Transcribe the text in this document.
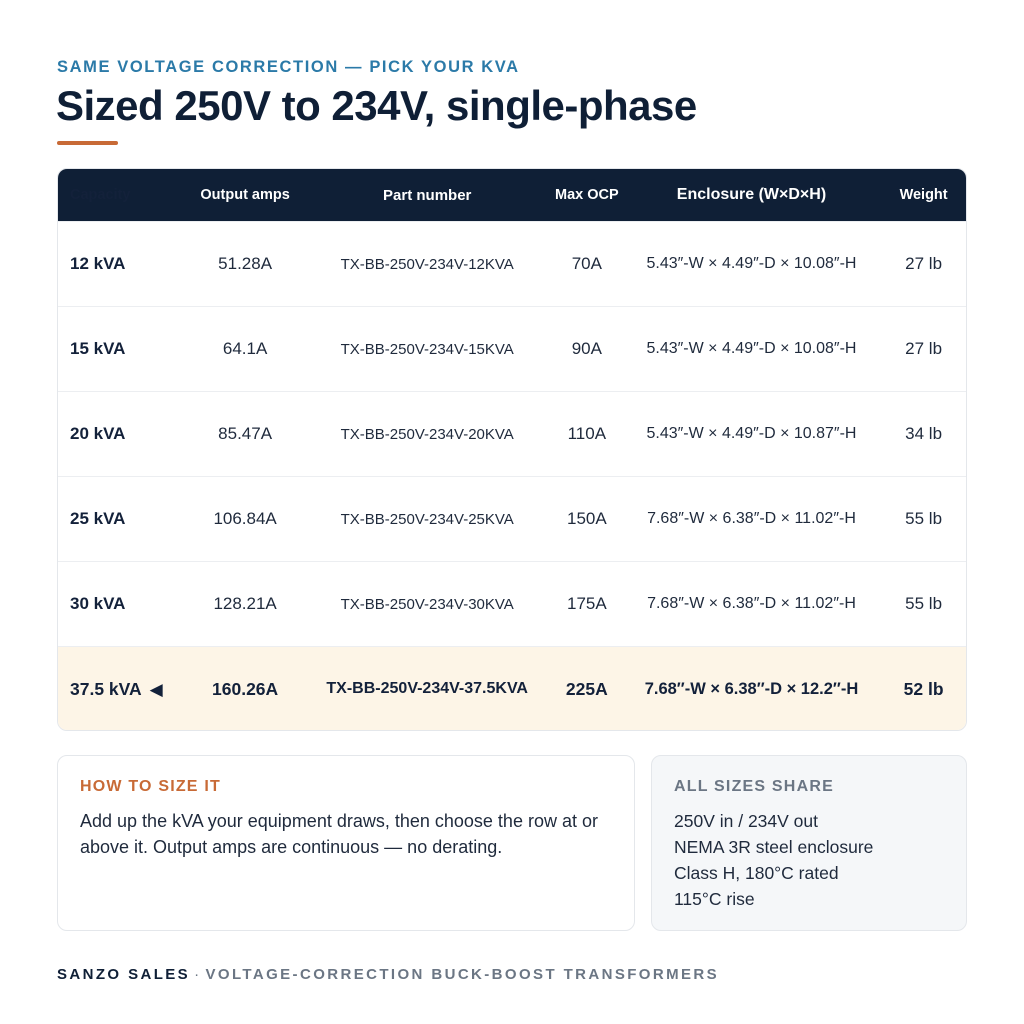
SAME VOLTAGE CORRECTION — PICK YOUR KVA
Sized 250V to 234V, single-phase
Capacity	Output amps	Part number	Max OCP	Enclosure (W×D×H)	Weight
12 kVA	51.28A	TX-BB-250V-234V-12KVA	70A	5.43″-W × 4.49″-D × 10.08″-H	27 lb
15 kVA	64.1A	TX-BB-250V-234V-15KVA	90A	5.43″-W × 4.49″-D × 10.08″-H	27 lb
20 kVA	85.47A	TX-BB-250V-234V-20KVA	110A	5.43″-W × 4.49″-D × 10.87″-H	34 lb
25 kVA	106.84A	TX-BB-250V-234V-25KVA	150A	7.68″-W × 6.38″-D × 11.02″-H	55 lb
30 kVA	128.21A	TX-BB-250V-234V-30KVA	175A	7.68″-W × 6.38″-D × 11.02″-H	55 lb
37.5 kVA ◀	160.26A	TX-BB-250V-234V-37.5KVA	225A	7.68″-W × 6.38″-D × 12.2″-H	52 lb
HOW TO SIZE IT

Add up the kVA your equipment draws, then choose the row at or above it. Output amps are continuous — no derating.

ALL SIZES SHARE
250V in / 234V out
NEMA 3R steel enclosure
Class H, 180°C rated
115°C rise
SANZO SALES · VOLTAGE-CORRECTION BUCK-BOOST TRANSFORMERS
